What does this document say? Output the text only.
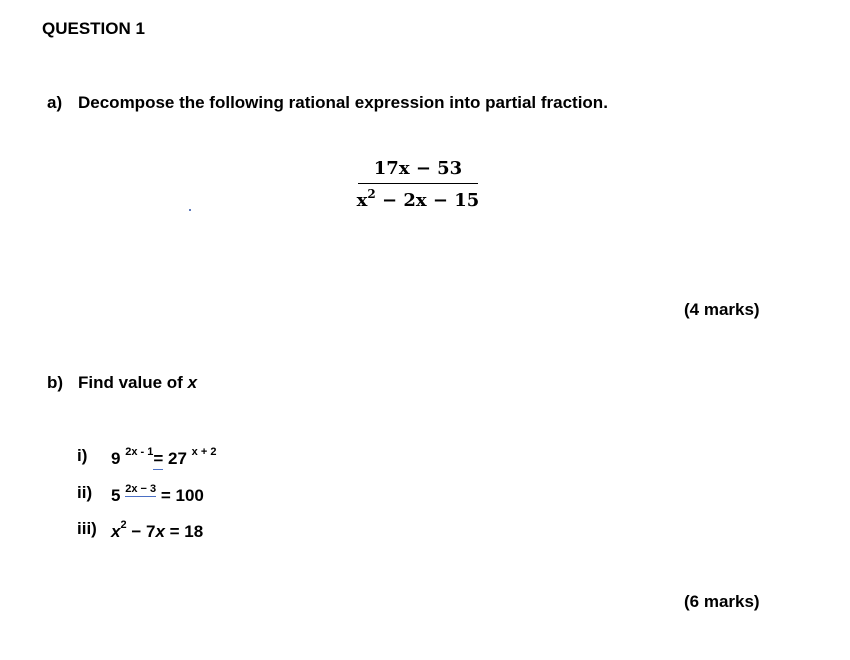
QUESTION 1
a) Decompose the following rational expression into partial fraction.
17x − 53
$x^2 - 2x - 15$
(4 marks)
b) Find value of x
i) 9 $^{2x - 1}$= 27 $^{x + 2}$
ii) 5 $^{2x - 3}$ = 100
iii) $x^2 - 7x = 18$
(6 marks)
